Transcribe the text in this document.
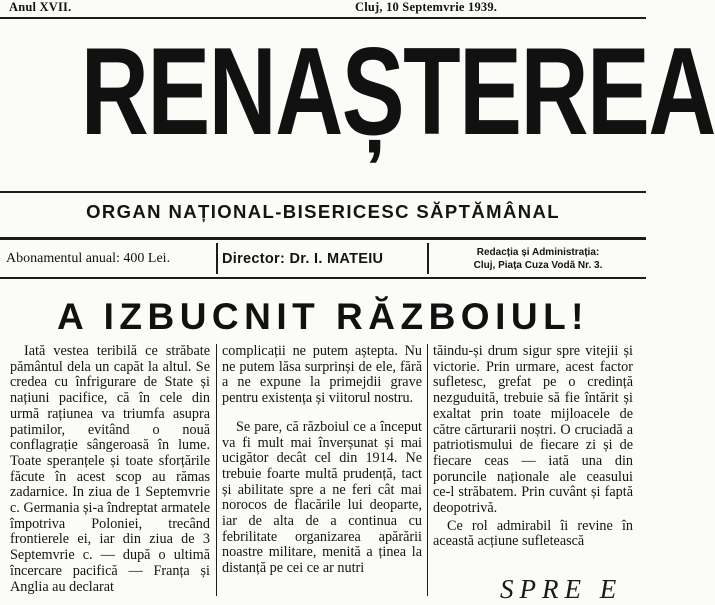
Anul XVII.	Cluj, 10 Septemvrie 1939.
RENAȘTEREA
ORGAN NAȚIONAL-BISERICESC SĂPTĂMÂNAL
Abonamentul anual: 400 Lei.	Director: Dr. I. MATEIU	Redacția și Administrația:
Cluj, Piața Cuza Vodă Nr. 3.
A IZBUCNIT RĂZBOIUL!

Iată vestea teribilă ce străbate pământul dela un capăt la altul. Se credea cu înfrigurare de State și națiuni pacifice, că în cele din urmă rațiunea va triumfa asupra patimilor, evitând o nouă conflagrație sângeroasă în lume. Toate speranțele și toate sforțările făcute în acest scop au rămas zadarnice. In ziua de 1 Septemvrie c. Germania și-a îndreptat armatele împotriva Poloniei, trecând frontierele ei, iar din ziua de 3 Septemvrie c. — după o ultimă încercare pacifică — Franța și Anglia au declarat

complicații ne putem aștepta. Nu ne putem lăsa surprinși de ele, fără a ne expune la primejdii grave pentru existența și viitorul nostru.

Se pare, că războiul ce a început va fi mult mai înverșunat și mai ucigător decât cel din 1914. Ne trebuie foarte multă prudență, tact și abilitate spre a ne feri cât mai norocos de flacările lui deoparte, iar de alta de a continua cu febrilitate organizarea apărării noastre militare, menită a ținea la distanță pe cei ce ar nutri

tăindu-și drum sigur spre vitejii și victorie. Prin urmare, acest factor sufletesc, grefat pe o credință nezguduită, trebuie să fie întărit și exaltat prin toate mijloacele de către cărturarii noștri. O cruciadă a patriotismului de fiecare zi și de fiecare ceas — iată una din poruncile naționale ale ceasului ce-l străbatem. Prin cuvânt și faptă deopotrivă.

Ce rol admirabil îi revine în această acțiune sufletească

SPRE E
